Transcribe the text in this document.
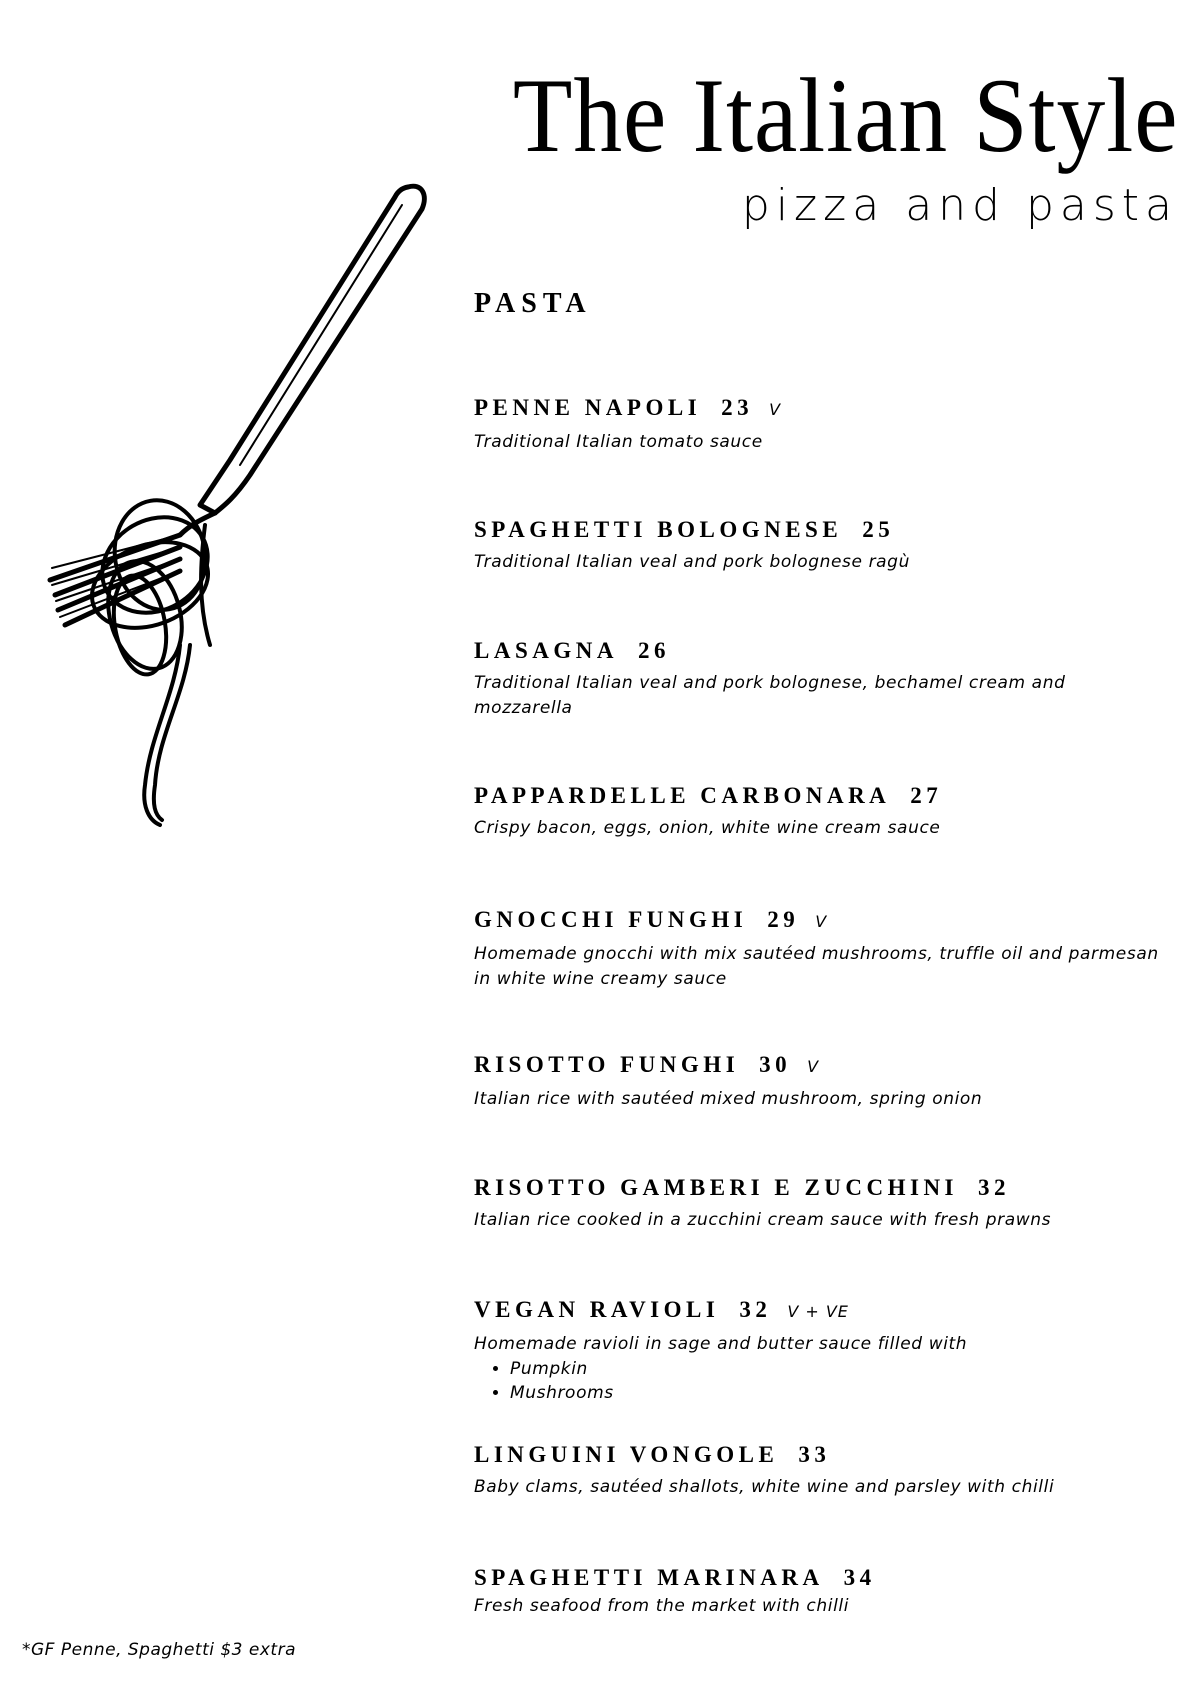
The Italian Style
pizza and pasta
PASTA
PENNE NAPOLI 23 V
Traditional Italian tomato sauce
SPAGHETTI BOLOGNESE 25
Traditional Italian veal and pork bolognese ragù
LASAGNA 26
Traditional Italian veal and pork bolognese, bechamel cream and mozzarella
PAPPARDELLE CARBONARA 27
Crispy bacon, eggs, onion, white wine cream sauce
GNOCCHI FUNGHI 29 V
Homemade gnocchi with mix sautéed mushrooms, truffle oil and parmesan in white wine creamy sauce
RISOTTO FUNGHI 30 V
Italian rice with sautéed mixed mushroom, spring onion
RISOTTO GAMBERI E ZUCCHINI 32
Italian rice cooked in a zucchini cream sauce with fresh prawns
VEGAN RAVIOLI 32 V + VE
Homemade ravioli in sage and butter sauce filled with
• Pumpkin
• Mushrooms
LINGUINI VONGOLE 33
Baby clams, sautéed shallots, white wine and parsley with chilli
SPAGHETTI MARINARA 34
Fresh seafood from the market with chilli
*GF Penne, Spaghetti $3 extra
